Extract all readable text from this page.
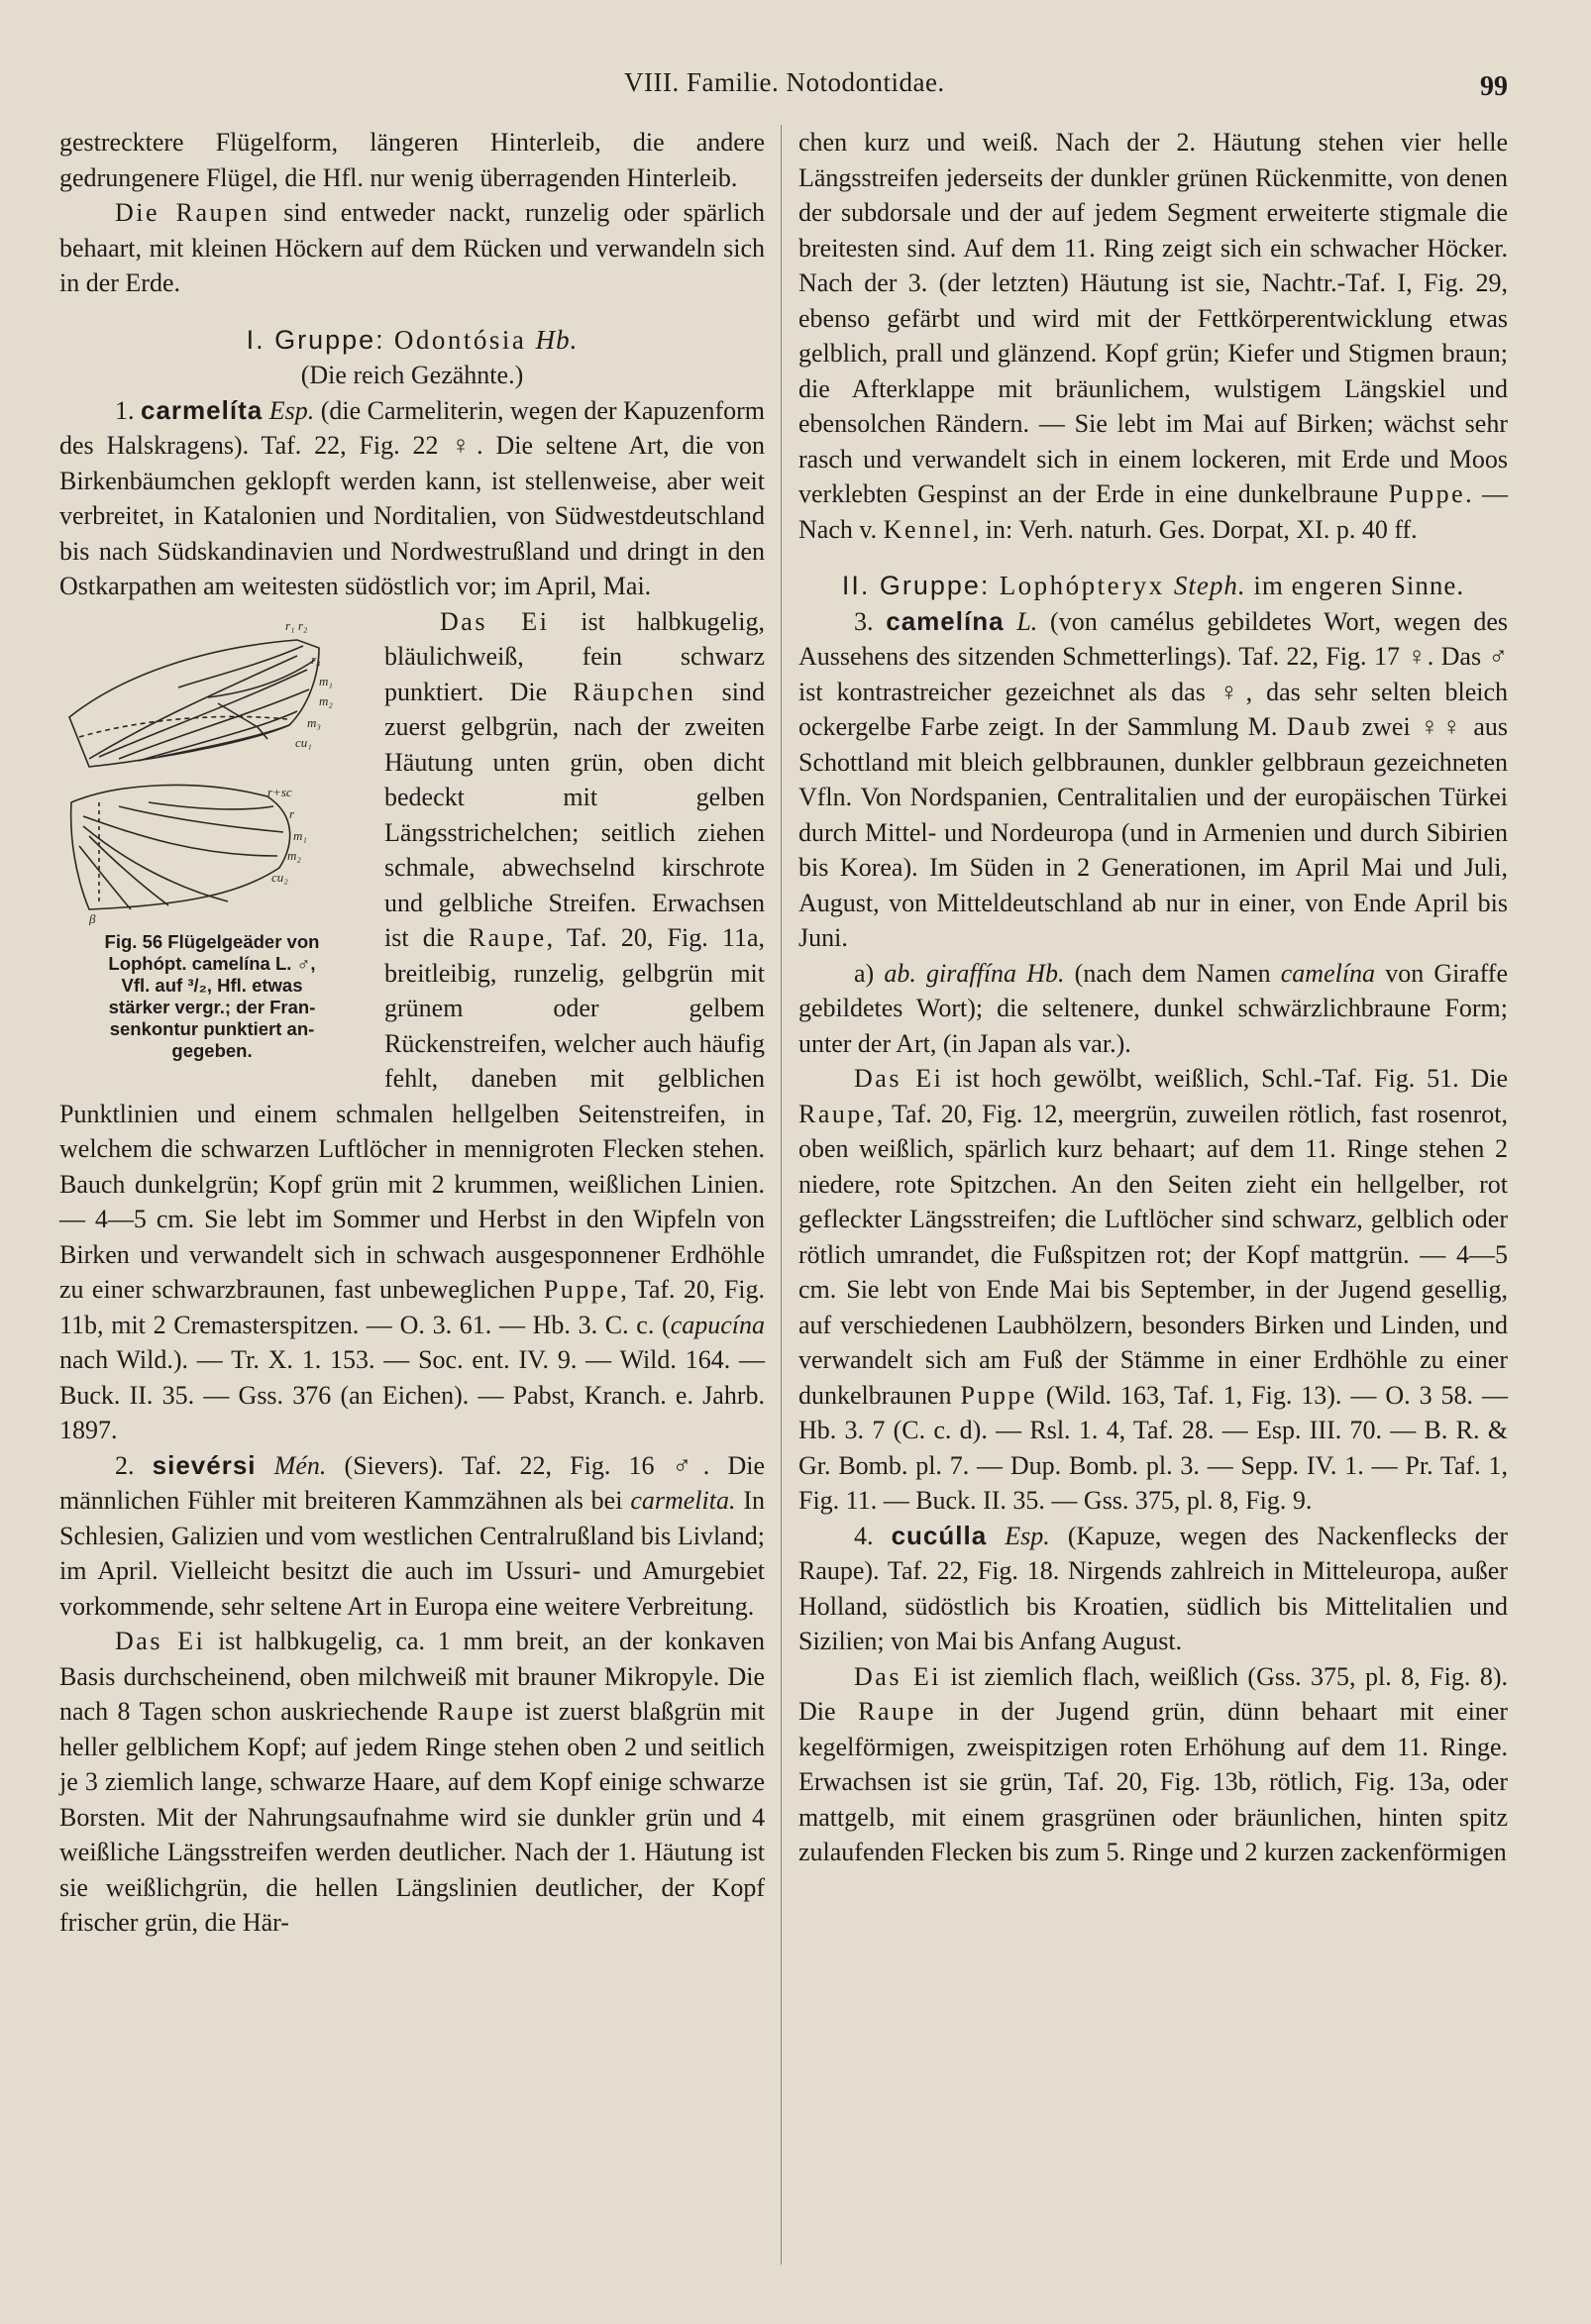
VIII. Familie. Notodontidae.	99

gestrecktere Flügelform, längeren Hinterleib, die andere gedrungenere Flügel, die Hfl. nur wenig überragenden Hinterleib.

Die Raupen sind entweder nackt, runzelig oder spärlich behaart, mit kleinen Höckern auf dem Rücken und verwandeln sich in der Erde.

I. Gruppe: Odontósia Hb.

(Die reich Gezähnte.)

1. carmelíta Esp. (die Carmeliterin, wegen der Kapuzenform des Halskragens). Taf. 22, Fig. 22 ♀. Die seltene Art, die von Birkenbäumchen geklopft werden kann, ist stellenweise, aber weit verbreitet, in Katalonien und Norditalien, von Südwestdeutschland bis nach Südskandinavien und Nordwestrußland und dringt in den Ostkarpathen am weitesten südöstlich vor; im April, Mai.

r₁ r₂
r₄
m₁
m₂
m₃
cu₁
r+sc
r
m₁
m₂
cu₂
β
Fig. 56 Flügelgeäder von
Lophópt. camelína L. ♂,
Vfl. auf ³/₂, Hfl. etwas
stärker vergr.; der Fran-
senkontur punktiert an-
gegeben.

Das Ei ist halbkugelig, bläulichweiß, fein schwarz punktiert. Die Räupchen sind zuerst gelbgrün, nach der zweiten Häutung unten grün, oben dicht bedeckt mit gelben Längsstrichelchen; seitlich ziehen schmale, abwechselnd kirschrote und gelbliche Streifen. Erwachsen ist die Raupe, Taf. 20, Fig. 11a, breitleibig, runzelig, gelbgrün mit grünem oder gelbem Rückenstreifen, welcher auch häufig fehlt, daneben mit gelblichen Punktlinien und einem schmalen hellgelben Seitenstreifen, in welchem die schwarzen Luftlöcher in mennigroten Flecken stehen. Bauch dunkelgrün; Kopf grün mit 2 krummen, weißlichen Linien. — 4—5 cm. Sie lebt im Sommer und Herbst in den Wipfeln von Birken und verwandelt sich in schwach ausgesponnener Erdhöhle zu einer schwarzbraunen, fast unbeweglichen Puppe, Taf. 20, Fig. 11b, mit 2 Cremasterspitzen. — O. 3. 61. — Hb. 3. C. c. (capucína nach Wild.). — Tr. X. 1. 153. — Soc. ent. IV. 9. — Wild. 164. — Buck. II. 35. — Gss. 376 (an Eichen). — Pabst, Kranch. e. Jahrb. 1897.

2. sievérsi Mén. (Sievers). Taf. 22, Fig. 16 ♂. Die männlichen Fühler mit breiteren Kammzähnen als bei carmelita. In Schlesien, Galizien und vom westlichen Centralrußland bis Livland; im April. Vielleicht besitzt die auch im Ussuri- und Amurgebiet vorkommende, sehr seltene Art in Europa eine weitere Verbreitung.

Das Ei ist halbkugelig, ca. 1 mm breit, an der konkaven Basis durchscheinend, oben milchweiß mit brauner Mikropyle. Die nach 8 Tagen schon auskriechende Raupe ist zuerst blaßgrün mit heller gelblichem Kopf; auf jedem Ringe stehen oben 2 und seitlich je 3 ziemlich lange, schwarze Haare, auf dem Kopf einige schwarze Borsten. Mit der Nahrungsaufnahme wird sie dunkler grün und 4 weißliche Längsstreifen werden deutlicher. Nach der 1. Häutung ist sie weißlichgrün, die hellen Längslinien deutlicher, der Kopf frischer grün, die Här-

chen kurz und weiß. Nach der 2. Häutung stehen vier helle Längsstreifen jederseits der dunkler grünen Rückenmitte, von denen der subdorsale und der auf jedem Segment erweiterte stigmale die breitesten sind. Auf dem 11. Ring zeigt sich ein schwacher Höcker. Nach der 3. (der letzten) Häutung ist sie, Nachtr.-Taf. I, Fig. 29, ebenso gefärbt und wird mit der Fettkörperentwicklung etwas gelblich, prall und glänzend. Kopf grün; Kiefer und Stigmen braun; die Afterklappe mit bräunlichem, wulstigem Längskiel und ebensolchen Rändern. — Sie lebt im Mai auf Birken; wächst sehr rasch und verwandelt sich in einem lockeren, mit Erde und Moos verklebten Gespinst an der Erde in eine dunkelbraune Puppe. — Nach v. Kennel, in: Verh. naturh. Ges. Dorpat, XI. p. 40 ff.

II. Gruppe: Lophópteryx Steph. im engeren Sinne.

3. camelína L. (von camélus gebildetes Wort, wegen des Aussehens des sitzenden Schmetterlings). Taf. 22, Fig. 17 ♀. Das ♂ ist kontrastreicher gezeichnet als das ♀, das sehr selten bleich ockergelbe Farbe zeigt. In der Sammlung M. Daub zwei ♀♀ aus Schottland mit bleich gelbbraunen, dunkler gelbbraun gezeichneten Vfln. Von Nordspanien, Centralitalien und der europäischen Türkei durch Mittel- und Nordeuropa (und in Armenien und durch Sibirien bis Korea). Im Süden in 2 Generationen, im April Mai und Juli, August, von Mitteldeutschland ab nur in einer, von Ende April bis Juni.

a) ab. giraffína Hb. (nach dem Namen camelína von Giraffe gebildetes Wort); die seltenere, dunkel schwärzlichbraune Form; unter der Art, (in Japan als var.).

Das Ei ist hoch gewölbt, weißlich, Schl.-Taf. Fig. 51. Die Raupe, Taf. 20, Fig. 12, meergrün, zuweilen rötlich, fast rosenrot, oben weißlich, spärlich kurz behaart; auf dem 11. Ringe stehen 2 niedere, rote Spitzchen. An den Seiten zieht ein hellgelber, rot gefleckter Längsstreifen; die Luftlöcher sind schwarz, gelblich oder rötlich umrandet, die Fußspitzen rot; der Kopf mattgrün. — 4—5 cm. Sie lebt von Ende Mai bis September, in der Jugend gesellig, auf verschiedenen Laubhölzern, besonders Birken und Linden, und verwandelt sich am Fuß der Stämme in einer Erdhöhle zu einer dunkelbraunen Puppe (Wild. 163, Taf. 1, Fig. 13). — O. 3 58. — Hb. 3. 7 (C. c. d). — Rsl. 1. 4, Taf. 28. — Esp. III. 70. — B. R. & Gr. Bomb. pl. 7. — Dup. Bomb. pl. 3. — Sepp. IV. 1. — Pr. Taf. 1, Fig. 11. — Buck. II. 35. — Gss. 375, pl. 8, Fig. 9.

4. cucúlla Esp. (Kapuze, wegen des Nackenflecks der Raupe). Taf. 22, Fig. 18. Nirgends zahlreich in Mitteleuropa, außer Holland, südöstlich bis Kroatien, südlich bis Mittelitalien und Sizilien; von Mai bis Anfang August.

Das Ei ist ziemlich flach, weißlich (Gss. 375, pl. 8, Fig. 8). Die Raupe in der Jugend grün, dünn behaart mit einer kegelförmigen, zweispitzigen roten Erhöhung auf dem 11. Ringe. Erwachsen ist sie grün, Taf. 20, Fig. 13b, rötlich, Fig. 13a, oder mattgelb, mit einem grasgrünen oder bräunlichen, hinten spitz zulaufenden Flecken bis zum 5. Ringe und 2 kurzen zackenförmigen
